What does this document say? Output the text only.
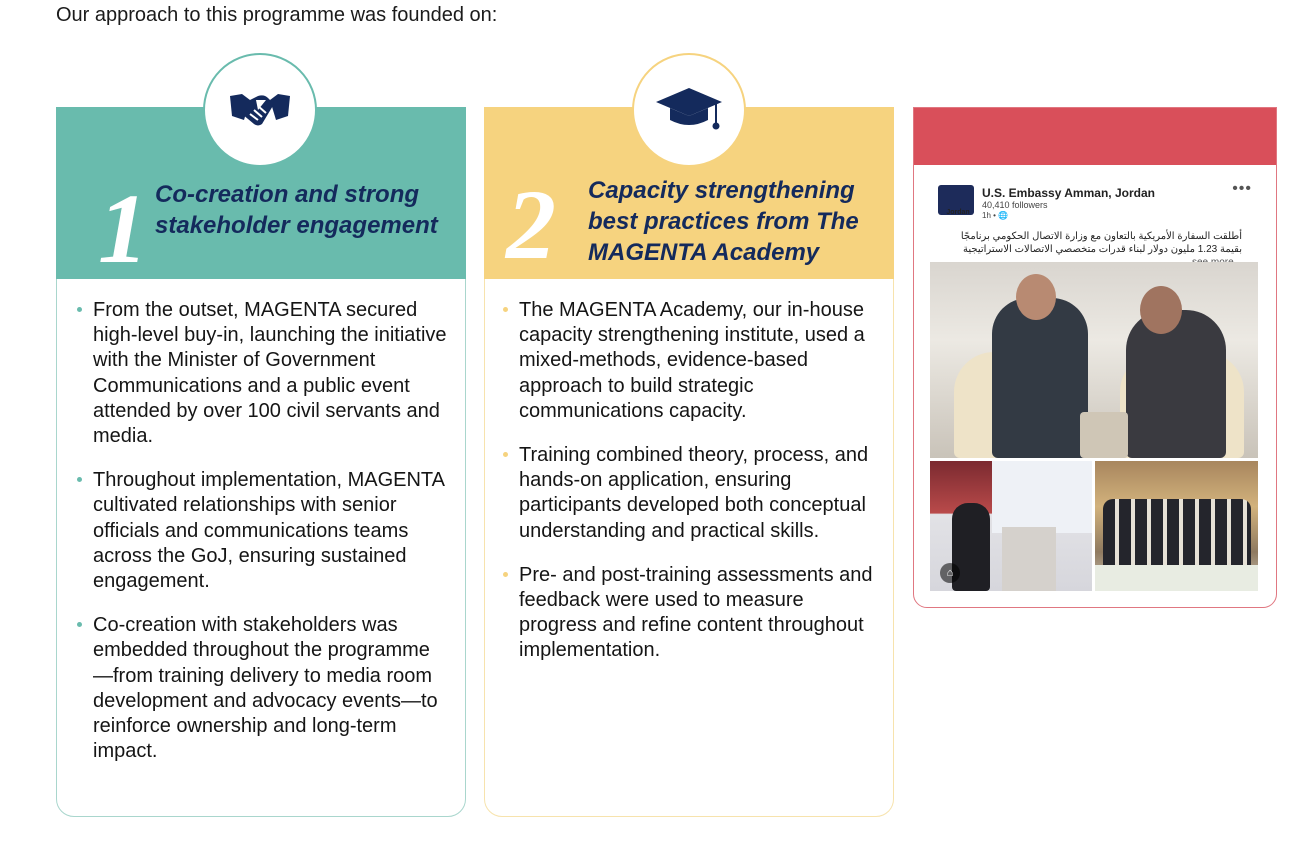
Our approach to this programme was founded on:
1 Co-creation and strong stakeholder engagement
From the outset, MAGENTA secured high-level buy-in, launching the initiative with the Minister of Government Communications and a public event attended by over 100 civil servants and media.
Throughout implementation, MAGENTA cultivated relationships with senior officials and communications teams across the GoJ, ensuring sustained engagement.
Co-creation with stakeholders was embedded throughout the programme—from training delivery to media room development and advocacy events—to reinforce ownership and long-term impact.
2 Capacity strengthening best practices from The MAGENTA Academy
The MAGENTA Academy, our in-house capacity strengthening institute, used a mixed-methods, evidence-based approach to build strategic communications capacity.
Training combined theory, process, and hands-on application, ensuring participants developed both conceptual understanding and practical skills.
Pre- and post-training assessments and feedback were used to measure progress and refine content throughout implementation.
Jordan
U.S. Embassy Amman, Jordan
40,410 followers
1h • 🌐
•••
أطلقت السفارة الأمريكية بالتعاون مع وزارة الاتصال الحكومي برنامجًا بقيمة 1.23 مليون دولار لبناء قدرات متخصصي الاتصالات الاستراتيجية
⌂
